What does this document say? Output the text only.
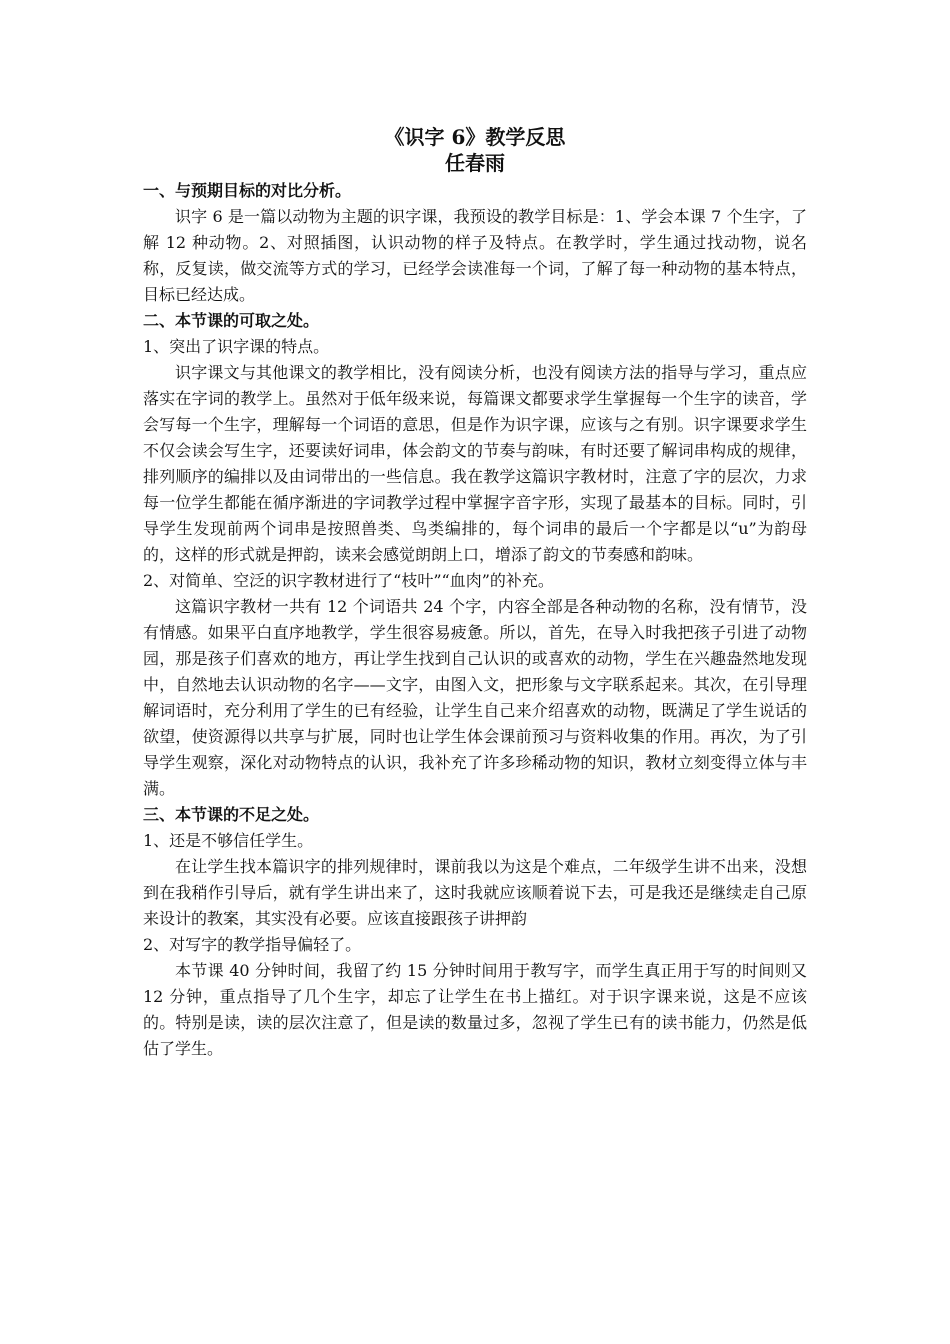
《识字 6》教学反思
任春雨
一、与预期目标的对比分析。

识字 6 是一篇以动物为主题的识字课，我预设的教学目标是：1、学会本课 7 个生字，了解 12 种动物。2、对照插图，认识动物的样子及特点。在教学时，学生通过找动物，说名称，反复读，做交流等方式的学习，已经学会读准每一个词，了解了每一种动物的基本特点， 目标已经达成。

二、本节课的可取之处。
1、突出了识字课的特点。

识字课文与其他课文的教学相比，没有阅读分析，也没有阅读方法的指导与学习，重点应落实在字词的教学上。虽然对于低年级来说，每篇课文都要求学生掌握每一个生字的读音，学会写每一个生字，理解每一个词语的意思，但是作为识字课，应该与之有别。识字课要求学生不仅会读会写生字，还要读好词串，体会韵文的节奏与韵味，有时还要了解词串构成的规律，排列顺序的编排以及由词带出的一些信息。我在教学这篇识字教材时，注意了字的层次，力求每一位学生都能在循序渐进的字词教学过程中掌握字音字形，实现了最基本的目标。同时，引导学生发现前两个词串是按照兽类、鸟类编排的，每个词串的最后一个字都是以“u”为韵母的，这样的形式就是押韵，读来会感觉朗朗上口，增添了韵文的节奏感和韵味。

2、对简单、空泛的识字教材进行了“枝叶”“血肉”的补充。

这篇识字教材一共有 12 个词语共 24 个字，内容全部是各种动物的名称，没有情节，没有情感。如果平白直序地教学，学生很容易疲惫。所以，首先，在导入时我把孩子引进了动物园，那是孩子们喜欢的地方，再让学生找到自己认识的或喜欢的动物，学生在兴趣盎然地发现中，自然地去认识动物的名字——文字，由图入文，把形象与文字联系起来。其次，在引导理解词语时，充分利用了学生的已有经验，让学生自己来介绍喜欢的动物，既满足了学生说话的欲望，使资源得以共享与扩展，同时也让学生体会课前预习与资料收集的作用。再次，为了引导学生观察，深化对动物特点的认识，我补充了许多珍稀动物的知识，教材立刻变得立体与丰满。

三、本节课的不足之处。
1、还是不够信任学生。

在让学生找本篇识字的排列规律时，课前我以为这是个难点，二年级学生讲不出来，没想到在我稍作引导后，就有学生讲出来了，这时我就应该顺着说下去，可是我还是继续走自己原来设计的教案，其实没有必要。应该直接跟孩子讲押韵

2、对写字的教学指导偏轻了。

本节课 40 分钟时间，我留了约 15 分钟时间用于教写字，而学生真正用于写的时间则又 12 分钟，重点指导了几个生字，却忘了让学生在书上描红。对于识字课来说，这是不应该的。特别是读，读的层次注意了，但是读的数量过多，忽视了学生已有的读书能力，仍然是低估了学生。
